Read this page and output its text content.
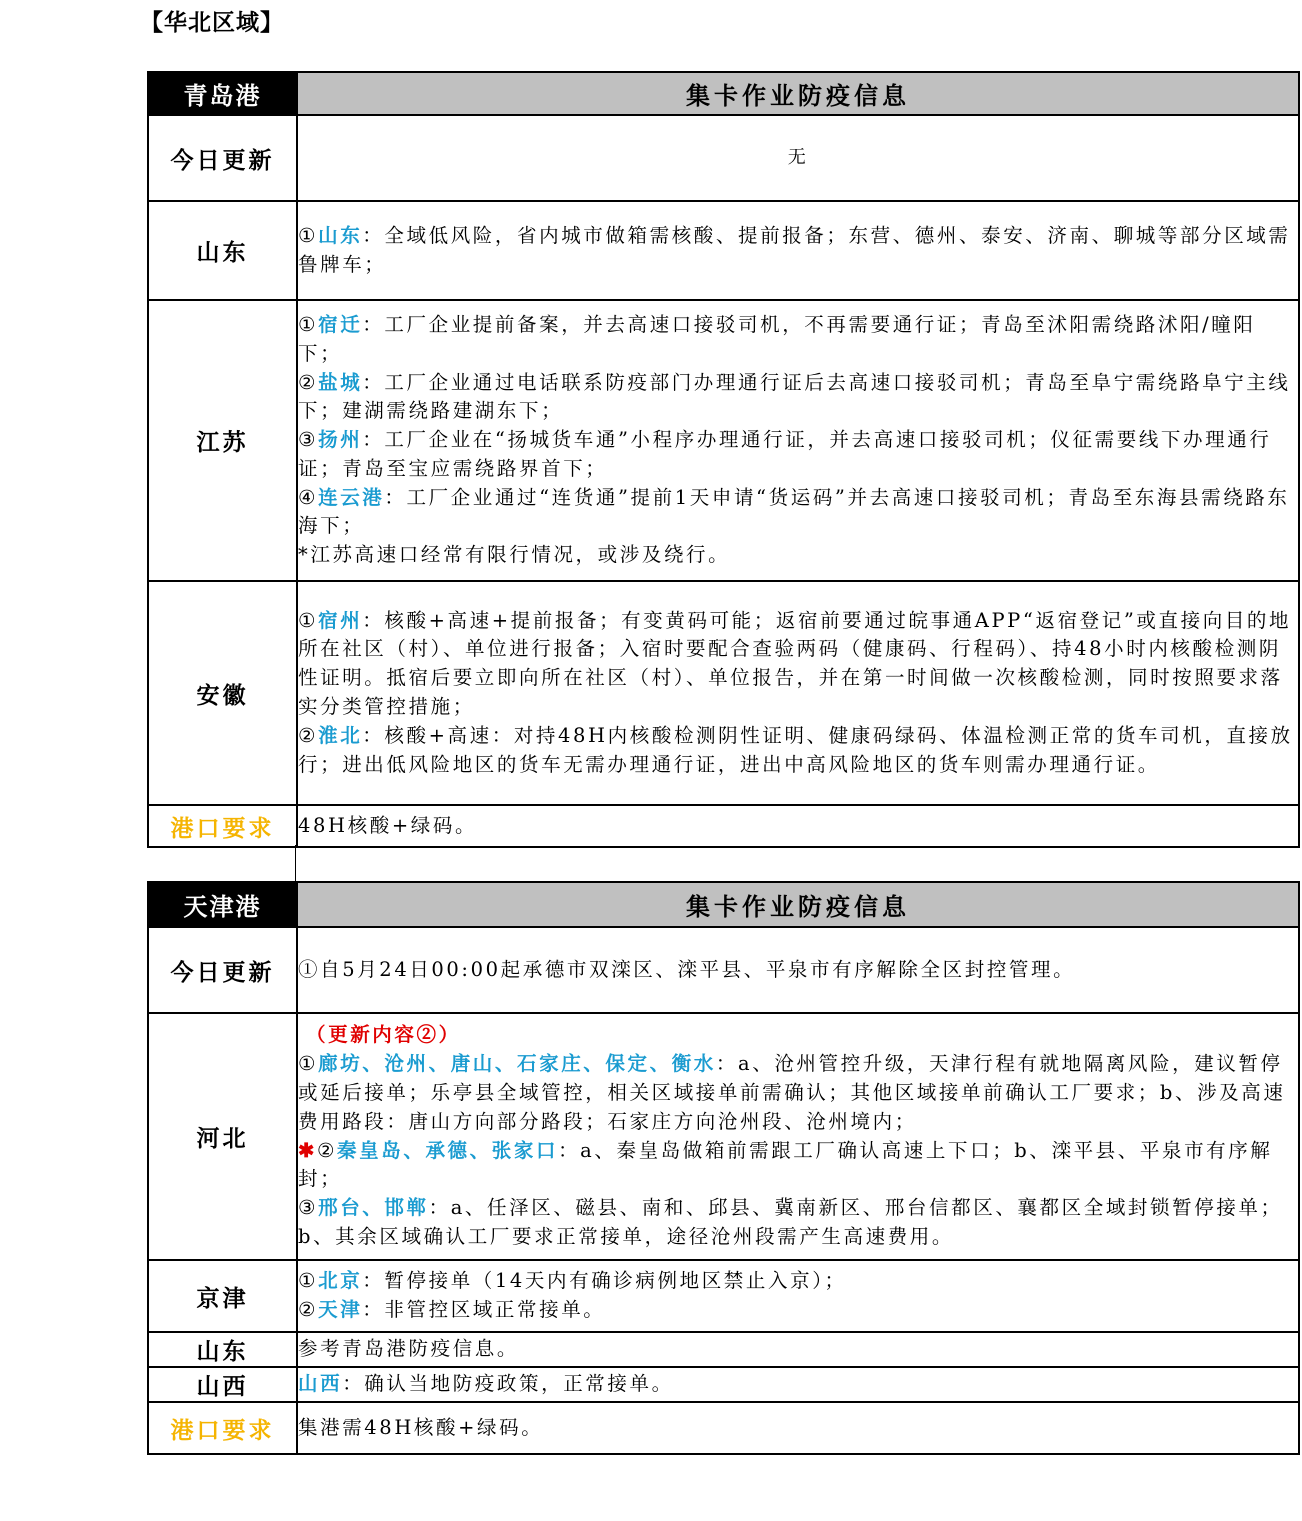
【华北区域】
青岛港	集卡作业防疫信息
今日更新	无
山东	①山东：全域低风险，省内城市做箱需核酸、提前报备；东营、德州、泰安、济南、聊城等部分区域需鲁牌车；

江苏	①宿迁：工厂企业提前备案，并去高速口接驳司机，不再需要通行证；青岛至沭阳需绕路沭阳/瞳阳下；
②盐城：工厂企业通过电话联系防疫部门办理通行证后去高速口接驳司机；青岛至阜宁需绕路阜宁主线下；建湖需绕路建湖东下；
③扬州：工厂企业在“扬城货车通”小程序办理通行证，并去高速口接驳司机；仪征需要线下办理通行证；青岛至宝应需绕路界首下；
④连云港：工厂企业通过“连货通”提前1天申请“货运码”并去高速口接驳司机；青岛至东海县需绕路东海下；
*江苏高速口经常有限行情况，或涉及绕行。

安徽	①宿州：核酸+高速+提前报备；有变黄码可能；返宿前要通过皖事通APP“返宿登记”或直接向目的地所在社区（村）、单位进行报备；入宿时要配合查验两码（健康码、行程码）、持48小时内核酸检测阴性证明。抵宿后要立即向所在社区（村）、单位报告，并在第一时间做一次核酸检测，同时按照要求落实分类管控措施；
②淮北：核酸+高速：对持48H内核酸检测阴性证明、健康码绿码、体温检测正常的货车司机，直接放行；进出低风险地区的货车无需办理通行证，进出中高风险地区的货车则需办理通行证。

港口要求	48H核酸+绿码。
天津港	集卡作业防疫信息
今日更新	①自5月24日00:00起承德市双滦区、滦平县、平泉市有序解除全区封控管理。
河北	（更新内容②）
①廊坊、沧州、唐山、石家庄、保定、衡水：a、沧州管控升级，天津行程有就地隔离风险，建议暂停或延后接单；乐亭县全域管控，相关区域接单前需确认；其他区域接单前确认工厂要求；b、涉及高速费用路段：唐山方向部分路段；石家庄方向沧州段、沧州境内；
✱②秦皇岛、承德、张家口：a、秦皇岛做箱前需跟工厂确认高速上下口；b、滦平县、平泉市有序解封；
③邢台、邯郸：a、任泽区、磁县、南和、邱县、冀南新区、邢台信都区、襄都区全域封锁暂停接单；b、其余区域确认工厂要求正常接单，途径沧州段需产生高速费用。

京津	①北京：暂停接单（14天内有确诊病例地区禁止入京）；
②天津：非管控区域正常接单。

山东	参考青岛港防疫信息。
山西	山西：确认当地防疫政策，正常接单。
港口要求	集港需48H核酸+绿码。
